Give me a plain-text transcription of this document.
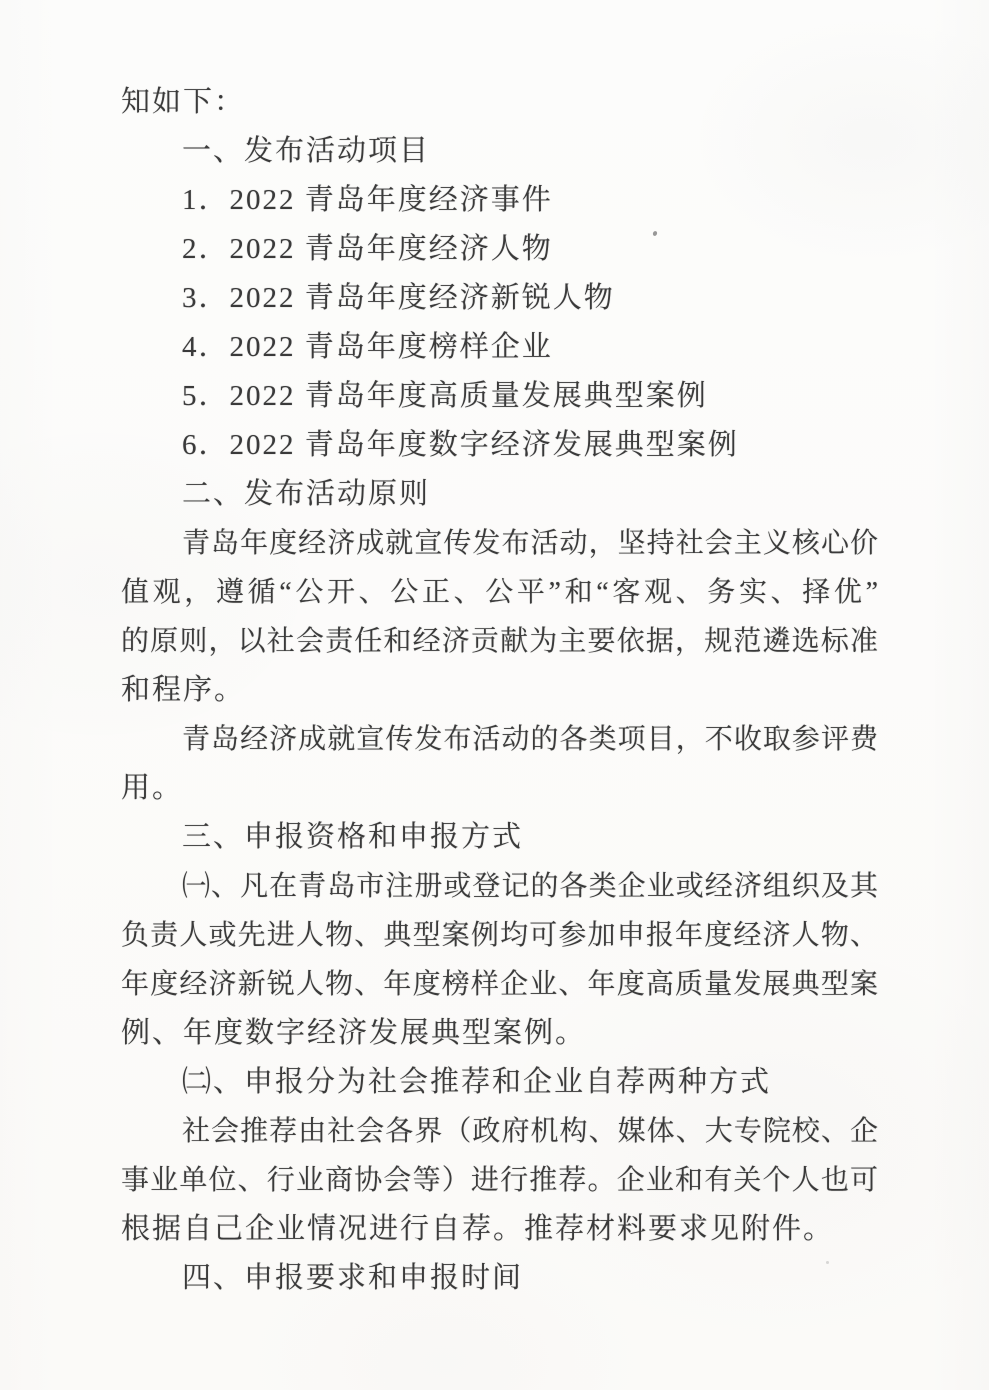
知如下：
一、发布活动项目
1．2022 青岛年度经济事件
2．2022 青岛年度经济人物
3．2022 青岛年度经济新锐人物
4．2022 青岛年度榜样企业
5．2022 青岛年度高质量发展典型案例
6．2022 青岛年度数字经济发展典型案例
二、发布活动原则
青岛年度经济成就宣传发布活动，坚持社会主义核心价
值观，遵循“公开、公正、公平”和“客观、务实、择优”
的原则，以社会责任和经济贡献为主要依据，规范遴选标准
和程序。
青岛经济成就宣传发布活动的各类项目，不收取参评费
用。
三、申报资格和申报方式
㈠、凡在青岛市注册或登记的各类企业或经济组织及其
负责人或先进人物、典型案例均可参加申报年度经济人物、
年度经济新锐人物、年度榜样企业、年度高质量发展典型案
例、年度数字经济发展典型案例。
㈡、申报分为社会推荐和企业自荐两种方式
社会推荐由社会各界（政府机构、媒体、大专院校、企
事业单位、行业商协会等）进行推荐。企业和有关个人也可
根据自己企业情况进行自荐。推荐材料要求见附件。
四、申报要求和申报时间
